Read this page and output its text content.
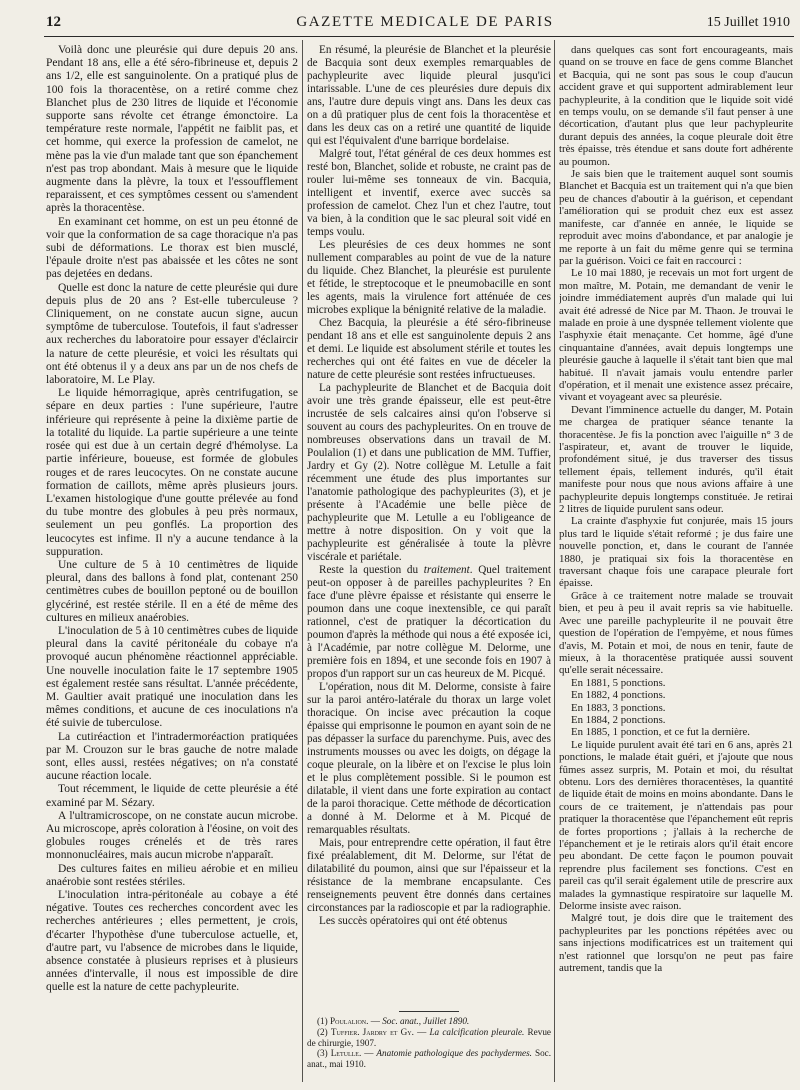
12	GAZETTE MEDICALE DE PARIS	15 Juillet 1910

Voilà donc une pleurésie qui dure depuis 20 ans. Pendant 18 ans, elle a été séro-fibrineuse et, depuis 2 ans 1/2, elle est sanguinolente. On a pratiqué plus de 100 fois la thoracentèse, on a retiré comme chez Blanchet plus de 230 litres de liquide et l'économie supporte sans révolte cet étrange émonctoire. La température reste normale, l'appétit ne faiblit pas, et cet homme, qui exerce la profession de camelot, ne mène pas la vie d'un malade tant que son épanchement n'est pas trop abondant. Mais à mesure que le liquide augmente dans la plèvre, la toux et l'essoufflement reparaissent, et ces symptômes cessent ou s'amendent après la thoracentèse.

En examinant cet homme, on est un peu étonné de voir que la conformation de sa cage thoracique n'a pas subi de déformations. Le thorax est bien musclé, l'épaule droite n'est pas abaissée et les côtes ne sont pas dejetées en dedans.

Quelle est donc la nature de cette pleurésie qui dure depuis plus de 20 ans ? Est-elle tuberculeuse ? Cliniquement, on ne constate aucun signe, aucun symptôme de tuberculose. Toutefois, il faut s'adresser aux recherches du laboratoire pour essayer d'éclaircir la nature de cette pleurésie, et voici les résultats qui ont été obtenus il y a deux ans par un de nos chefs de laboratoire, M. Le Play.

Le liquide hémorragique, après centrifugation, se sépare en deux parties : l'une supérieure, l'autre inférieure qui représente à peine la dixième partie de la totalité du liquide. La partie supérieure a une teinte rosée qui est due à un certain degré d'hémolyse. La partie inférieure, boueuse, est formée de globules rouges et de rares leucocytes. On ne constate aucune formation de caillots, même après plusieurs jours. L'examen histologique d'une goutte prélevée au fond du tube montre des globules à peu près normaux, seulement un peu gonflés. La proportion des leucocytes est infime. Il n'y a aucune tendance à la suppuration.

Une culture de 5 à 10 centimètres de liquide pleural, dans des ballons à fond plat, contenant 250 centimètres cubes de bouillon peptoné ou de bouillon glycériné, est restée stérile. Il en a été de même des cultures en milieux anaérobies.

L'inoculation de 5 à 10 centimètres cubes de liquide pleural dans la cavité péritonéale du cobaye n'a provoqué aucun phénomène réactionnel appréciable. Une nouvelle inoculation faite le 17 septembre 1905 est également restée sans résultat. L'année précédente, M. Gaultier avait pratiqué une inoculation dans les mêmes conditions, et aucune de ces inoculations n'a été suivie de tuberculose.

La cutiréaction et l'intradermoréaction pratiquées par M. Crouzon sur le bras gauche de notre malade sont, elles aussi, restées négatives; on n'a constaté aucune réaction locale.

Tout récemment, le liquide de cette pleurésie a été examiné par M. Sézary.

A l'ultramicroscope, on ne constate aucun microbe. Au microscope, après coloration à l'éosine, on voit des globules rouges crénelés et de très rares monnonucléaires, mais aucun microbe n'apparaît.

Des cultures faites en milieu aérobie et en milieu anaérobie sont restées stériles.

L'inoculation intra-péritonéale au cobaye a été négative. Toutes ces recherches concordent avec les recherches antérieures ; elles permettent, je crois, d'écarter l'hypothèse d'une tuberculose actuelle, et, d'autre part, vu l'absence de microbes dans le liquide, absence constatée à plusieurs reprises et à plusieurs années d'intervalle, il nous est impossible de dire quelle est la nature de cette pachypleurite.

En résumé, la pleurésie de Blanchet et la pleurésie de Bacquia sont deux exemples remarquables de pachypleurite avec liquide pleural jusqu'ici intarissable. L'une de ces pleurésies dure depuis dix ans, l'autre dure depuis vingt ans. Dans les deux cas on a dû pratiquer plus de cent fois la thoracentèse et dans les deux cas on a retiré une quantité de liquide qui est l'équivalent d'une barrique bordelaise.

Malgré tout, l'état général de ces deux hommes est resté bon, Blanchet, solide et robuste, ne craint pas de rouler lui-même ses tonneaux de vin. Bacquia, intelligent et inventif, exerce avec succès sa profession de camelot. Chez l'un et chez l'autre, tout va bien, à la condition que le sac pleural soit vidé en temps voulu.

Les pleurésies de ces deux hommes ne sont nullement comparables au point de vue de la nature du liquide. Chez Blanchet, la pleurésie est purulente et fétide, le streptocoque et le pneumobacille en sont les agents, mais la virulence fort atténuée de ces microbes explique la bénignité relative de la maladie.

Chez Bacquia, la pleurésie a été séro-fibrineuse pendant 18 ans et elle est sanguinolente depuis 2 ans et demi. Le liquide est absolument stérile et toutes les recherches qui ont été faites en vue de déceler la nature de cette pleurésie sont restées infructueuses.

La pachypleurite de Blanchet et de Bacquia doit avoir une très grande épaisseur, elle est peut-être incrustée de sels calcaires ainsi qu'on l'observe si souvent au cours des pachypleurites. On en trouve de nombreuses observations dans un travail de M. Poulalion (1) et dans une publication de MM. Tuffier, Jardry et Gy (2). Notre collègue M. Letulle a fait récemment une étude des plus importantes sur l'anatomie pathologique des pachypleurites (3), et je présente à l'Académie une belle pièce de pachypleurite que M. Letulle a eu l'obligeance de mettre à notre disposition. On y voit que la pachypleurite est généralisée à toute la plèvre viscérale et pariétale.

Reste la question du traitement. Quel traitement peut-on opposer à de pareilles pachypleurites ? En face d'une plèvre épaisse et résistante qui enserre le poumon dans une coque inextensible, ce qui paraît rationnel, c'est de pratiquer la décortication du poumon d'après la méthode qui nous a été exposée ici, à l'Académie, par notre collègue M. Delorme, une première fois en 1894, et une seconde fois en 1907 à propos d'un rapport sur un cas heureux de M. Picqué.

L'opération, nous dit M. Delorme, consiste à faire sur la paroi antéro-latérale du thorax un large volet thoracique. On incise avec précaution la coque épaisse qui emprisonne le poumon en ayant soin de ne pas dépasser la surface du parenchyme. Puis, avec des instruments mousses ou avec les doigts, on dégage la coque pleurale, on la libère et on l'excise le plus loin et le plus complètement possible. Si le poumon est dilatable, il vient dans une forte expiration au contact de la paroi thoracique. Cette méthode de décortication a donné à M. Delorme et à M. Picqué de remarquables résultats.

Mais, pour entreprendre cette opération, il faut être fixé préalablement, dit M. Delorme, sur l'état de dilatabilité du poumon, ainsi que sur l'épaisseur et la résistance de la membrane encapsulante. Ces renseignements peuvent être donnés dans certaines circonstances par la radioscopie et par la radiographie.

Les succès opératoires qui ont été obtenus

(1) Poulalion. — Soc. anat., Juillet 1890.

(2) Tuffier. Jardry et Gy. — La calcification pleurale. Revue de chirurgie, 1907.

(3) Letulle. — Anatomie pathologique des pachydermes. Soc. anat., mai 1910.

dans quelques cas sont fort encourageants, mais quand on se trouve en face de gens comme Blanchet et Bacquia, qui ne sont pas sous le coup d'aucun accident grave et qui supportent admirablement leur pachypleurite, à la condition que le liquide soit vidé en temps voulu, on se demande s'il faut penser à une décortication, d'autant plus que leur pachypleurite durant depuis des années, la coque pleurale doit être très épaisse, très étendue et sans doute fort adhérente au poumon.

Je sais bien que le traitement auquel sont soumis Blanchet et Bacquia est un traitement qui n'a que bien peu de chances d'aboutir à la guérison, et cependant l'amélioration qui se produit chez eux est assez manifeste, car d'année en année, le liquide se reproduit avec moins d'abondance, et par analogie je me reporte à un fait du même genre qui se termina par la guérison. Voici ce fait en raccourci :

Le 10 mai 1880, je recevais un mot fort urgent de mon maître, M. Potain, me demandant de venir le joindre immédiatement auprès d'un malade qui lui avait été adressé de Nice par M. Thaon. Je trouvai le malade en proie à une dyspnée tellement violente que l'asphyxie était menaçante. Cet homme, âgé d'une cinquantaine d'années, avait depuis longtemps une pleurésie gauche à laquelle il s'était tant bien que mal habitué. Il n'avait jamais voulu entendre parler d'opération, et il menait une existence assez précaire, vivant et voyageant avec sa pleurésie.

Devant l'imminence actuelle du danger, M. Potain me chargea de pratiquer séance tenante la thoracentèse. Je fis la ponction avec l'aiguille n° 3 de l'aspirateur, et, avant de trouver le liquide, profondément situé, je dus traverser des tissus tellement épais, tellement indurés, qu'il était manifeste pour nous que nous avions affaire à une pachypleurite depuis longtemps constituée. Je retirai 2 litres de liquide purulent sans odeur.

La crainte d'asphyxie fut conjurée, mais 15 jours plus tard le liquide s'était reformé ; je dus faire une nouvelle ponction, et, dans le courant de l'année 1880, je pratiquai six fois la thoracentèse en traversant chaque fois une carapace pleurale fort épaisse.

Grâce à ce traitement notre malade se trouvait bien, et peu à peu il avait repris sa vie habituelle. Avec une pareille pachypleurite il ne pouvait être question de l'opération de l'empyème, et nous fûmes d'avis, M. Potain et moi, de nous en tenir, faute de mieux, à la thoracentèse pratiquée aussi souvent qu'elle serait nécessaire.

En 1881, 5 ponctions.

En 1882, 4 ponctions.

En 1883, 3 ponctions.

En 1884, 2 ponctions.

En 1885, 1 ponction, et ce fut la dernière.

Le liquide purulent avait été tari en 6 ans, après 21 ponctions, le malade était guéri, et j'ajoute que nous fûmes assez surpris, M. Potain et moi, du résultat obtenu. Lors des dernières thoracentèses, la quantité de liquide était de moins en moins abondante. Dans le cours de ce traitement, je n'attendais pas pour pratiquer la thoracentèse que l'épanchement eût repris de fortes proportions ; j'allais à la recherche de l'épanchement et je le retirais alors qu'il était encore peu abondant. De cette façon le poumon pouvait reprendre plus facilement ses fonctions. C'est en pareil cas qu'il serait également utile de prescrire aux malades la gymnastique respiratoire sur laquelle M. Delorme insiste avec raison.

Malgré tout, je dois dire que le traitement des pachypleurites par les ponctions répétées avec ou sans injections modificatrices est un traitement qui n'est rationnel que lorsqu'on ne peut pas faire autrement, tandis que la
